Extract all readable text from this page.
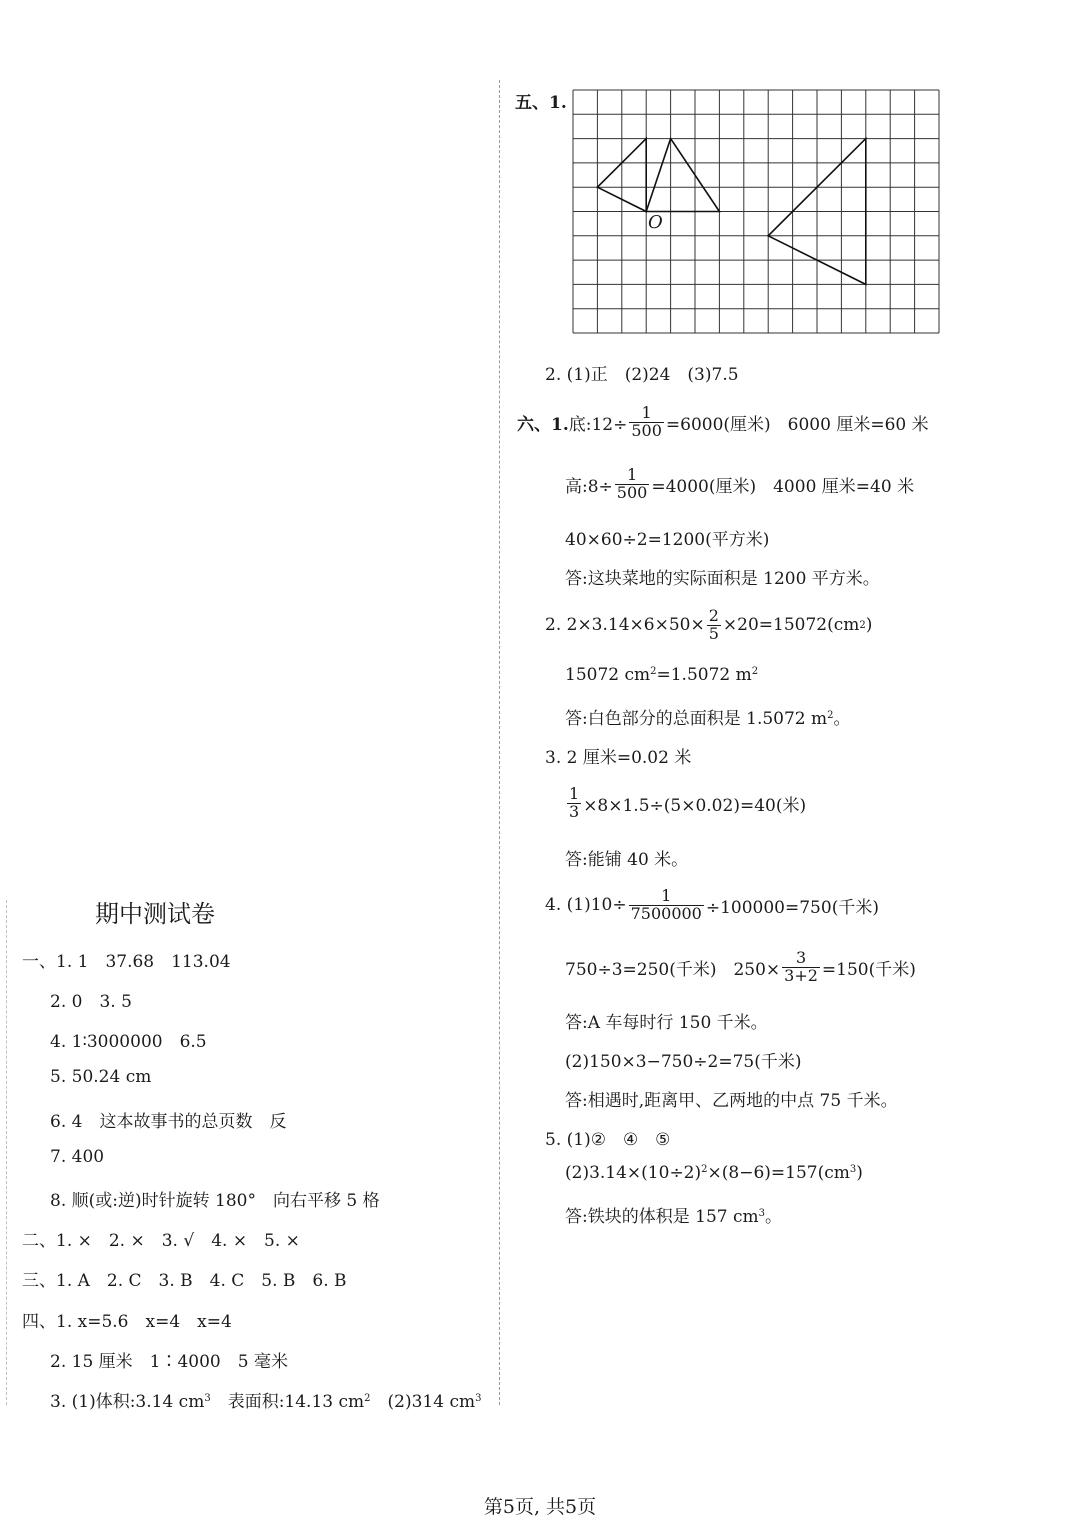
五、1.
O
2. (1)正　(2)24　(3)7.5
六、1. 底:12÷ $\frac{1}{500} =6000$(厘米)　6000 厘米=60 米
高:8÷ $\frac{1}{500} =4000$(厘米)　4000 厘米=40 米
40×60÷2=1200(平方米)
答:这块菜地的实际面积是 1200 平方米。
2. $2\times 3.14\times 6\times 50\times \frac{2}{5} \times 20=15072(cm$ 2 )
15072 $cm^2=1.5072$ $m^2$
答:白色部分的总面积是 1.5072 $m^2$。
3. 2 厘米=0.02 米
$\frac{1}{3} \times 8\times 1.5\div(5\times 0.02)=40$(米)
答:能铺 40 米。
4. $(1)10\div \frac{1}{7500000} \div 100000=750$(千米)
750÷3=250(千米)　$250\times \frac{3}{3+2} =150$(千米)
答:A 车每时行 150 千米。
(2)150×3−750÷2=75(千米)
答:相遇时,距离甲、乙两地的中点 75 千米。
5. (1)②　④　⑤
$(2)3.14\times(10\div 2)^2\times(8-6)=157(cm^3)$
答:铁块的体积是 157 $cm^3$。
期中测试卷
一、1. 1　37.68　113.04
2. 0　3. 5
4. 1∶3000000　6.5
5. 50.24 cm
6. 4　这本故事书的总页数　反
7. 400
8. 顺(或:逆)时针旋转 180°　向右平移 5 格
二、1. ×　2. ×　3. √　4. ×　5. ×
三、1. A　2. C　3. B　4. C　5. B　6. B
四、1. x=5.6　x=4　x=4
2. 15 厘米　1∶4000　5 毫米
3. (1)体积:3.14 $cm^3$　表面积:14.13 $cm^2$　(2)314 $cm^3$
第5页, 共5页
